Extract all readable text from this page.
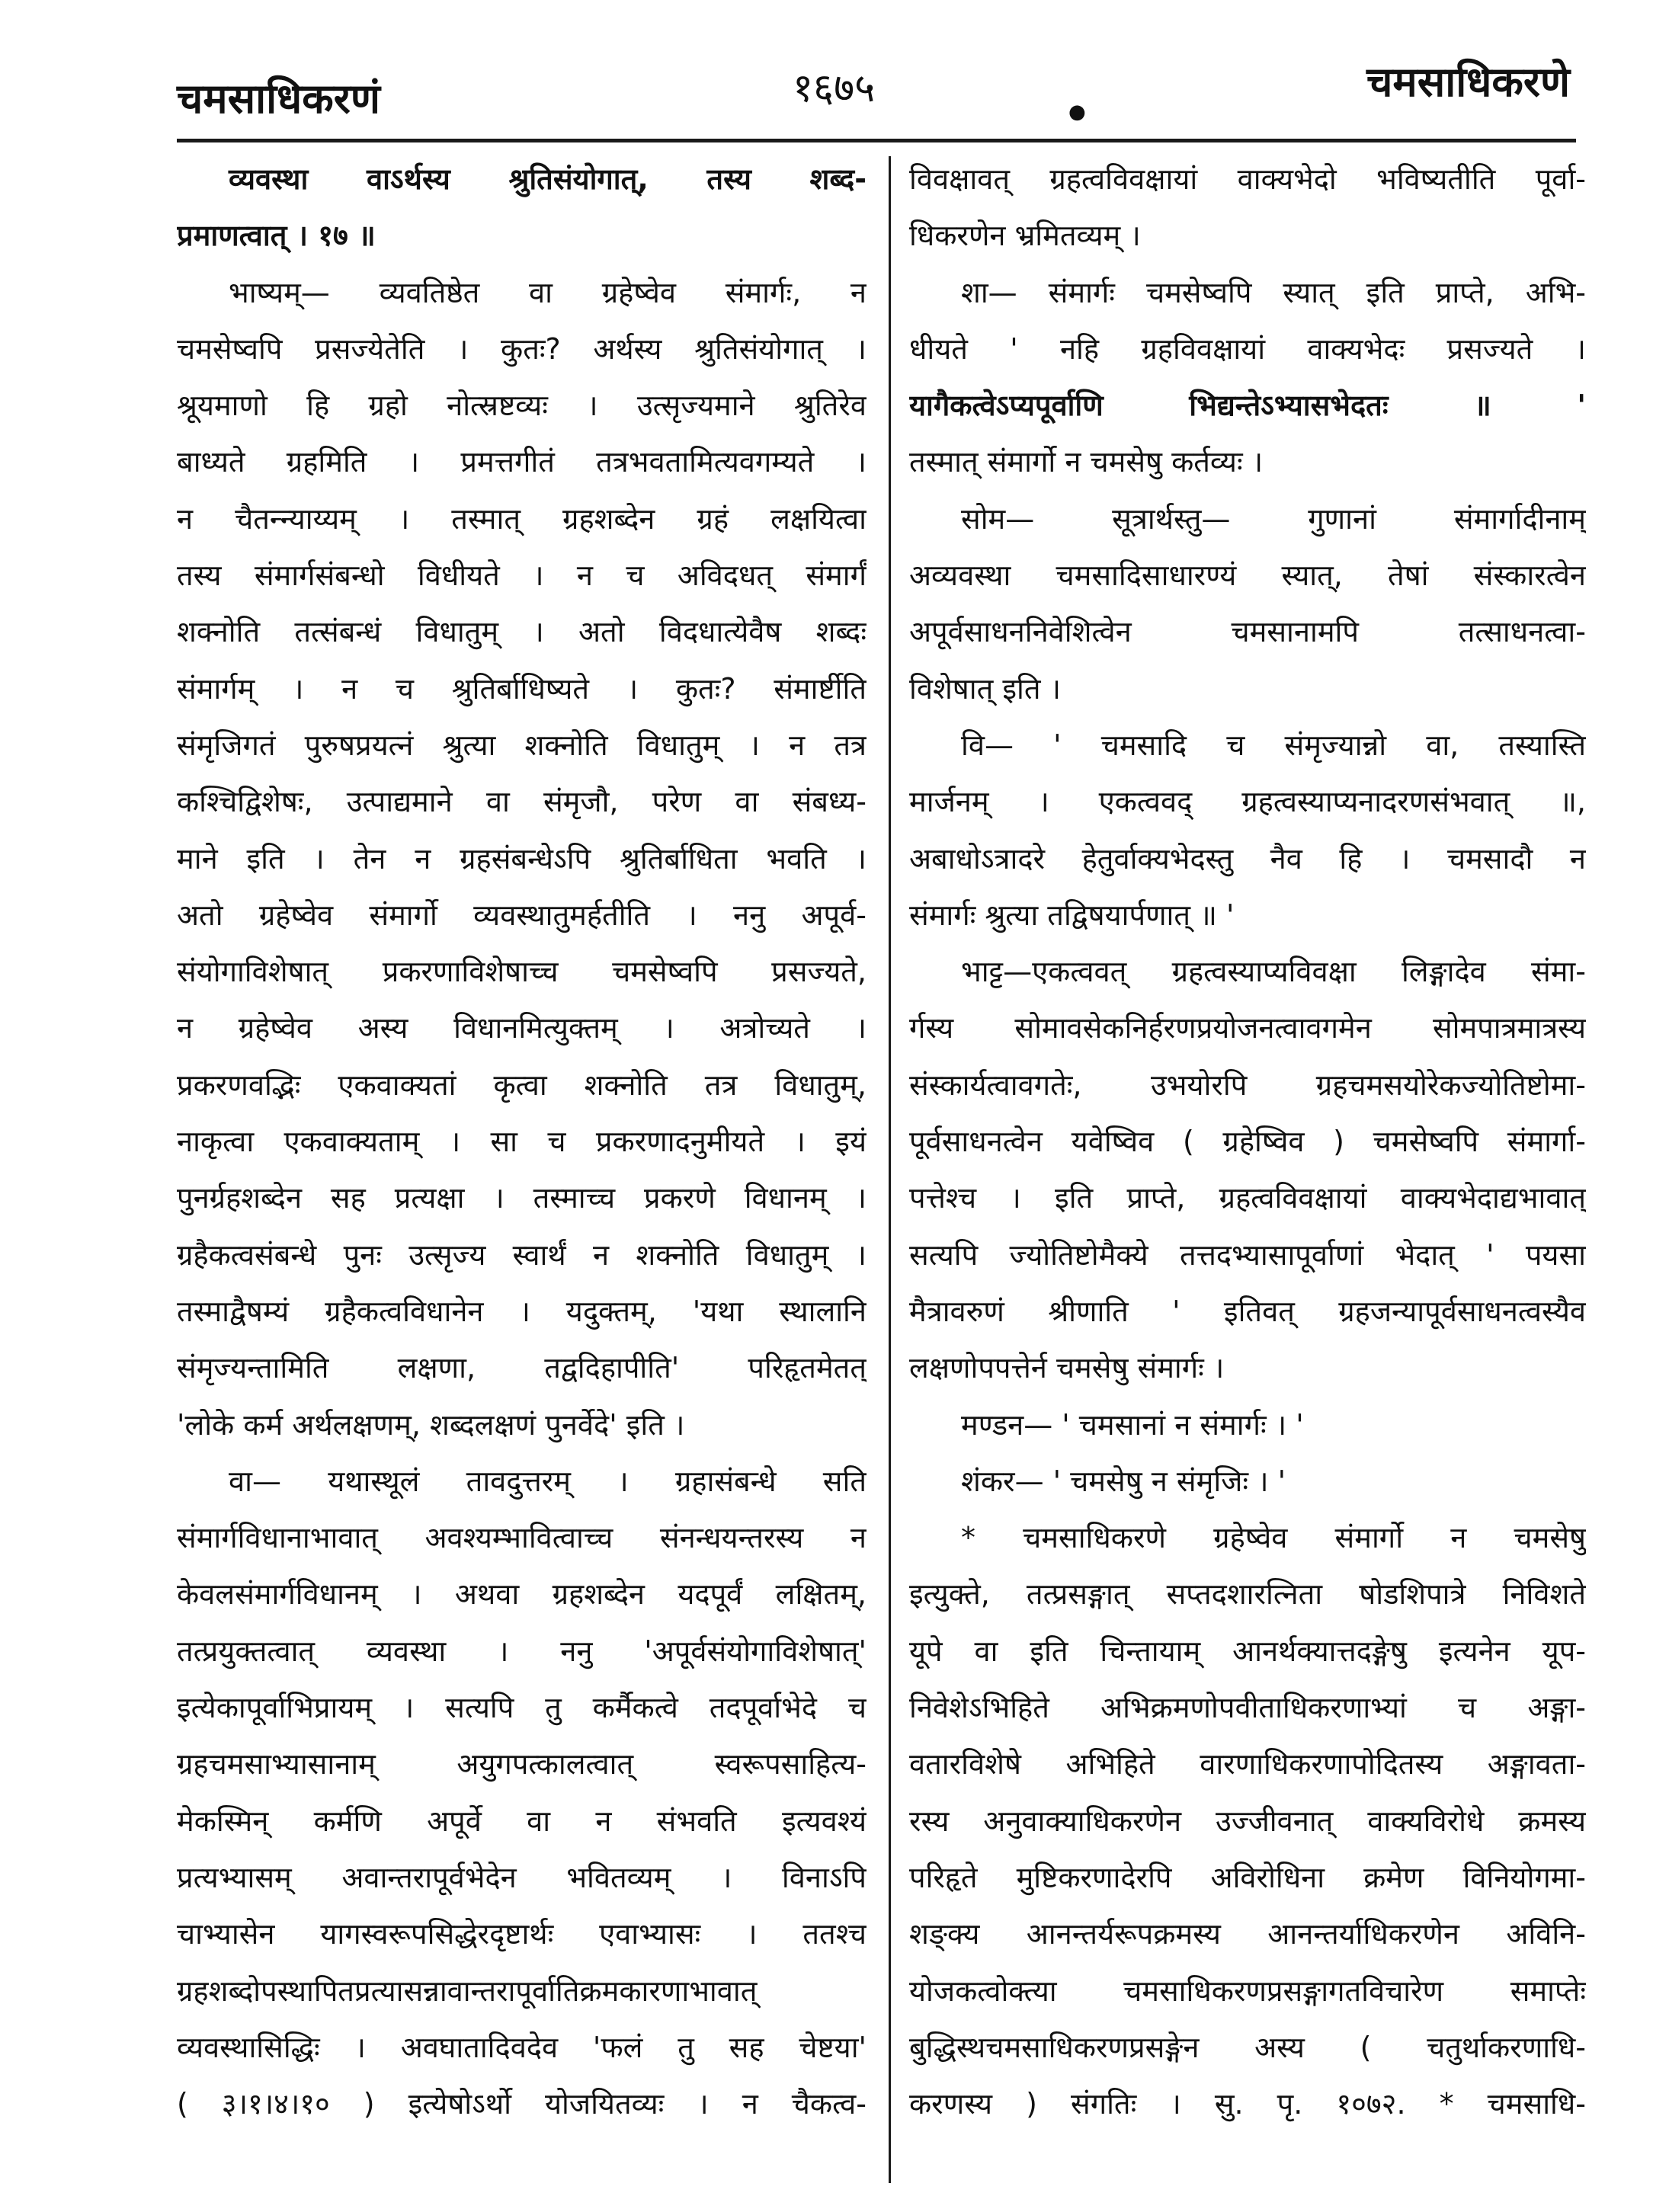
चमसाधिकरणं	१६७५	चमसाधिकरणे
●
व्यवस्था वाऽर्थस्य श्रुतिसंयोगात्, तस्य शब्द-
प्रमाणत्वात् । १७ ॥
भाष्यम्— व्यवतिष्ठेत वा ग्रहेष्वेव संमार्गः, न
चमसेष्वपि प्रसज्येतेति । कुतः? अर्थस्य श्रुतिसंयोगात् ।
श्रूयमाणो हि ग्रहो नोत्स्रष्टव्यः । उत्सृज्यमाने श्रुतिरेव
बाध्यते ग्रहमिति । प्रमत्तगीतं तत्रभवतामित्यवगम्यते ।
न चैतन्न्याय्यम् । तस्मात् ग्रहशब्देन ग्रहं लक्षयित्वा
तस्य संमार्गसंबन्धो विधीयते । न च अविदधत् संमार्गं
शक्नोति तत्संबन्धं विधातुम् । अतो विदधात्येवैष शब्दः
संमार्गम् । न च श्रुतिर्बाधिष्यते । कुतः? संमार्ष्टीति
संमृजिगतं पुरुषप्रयत्नं श्रुत्या शक्नोति विधातुम् । न तत्र
कश्चिद्विशेषः, उत्पाद्यमाने वा संमृजौ, परेण वा संबध्य-
माने इति । तेन न ग्रहसंबन्धेऽपि श्रुतिर्बाधिता भवति ।
अतो ग्रहेष्वेव संमार्गो व्यवस्थातुमर्हतीति । ननु अपूर्व-
संयोगाविशेषात् प्रकरणाविशेषाच्च चमसेष्वपि प्रसज्यते,
न ग्रहेष्वेव अस्य विधानमित्युक्तम् । अत्रोच्यते ।
प्रकरणवद्भिः एकवाक्यतां कृत्वा शक्नोति तत्र विधातुम्,
नाकृत्वा एकवाक्यताम् । सा च प्रकरणादनुमीयते । इयं
पुनर्ग्रहशब्देन सह प्रत्यक्षा । तस्माच्च प्रकरणे विधानम् ।
ग्रहैकत्वसंबन्धे पुनः उत्सृज्य स्वार्थं न शक्नोति विधातुम् ।
तस्माद्वैषम्यं ग्रहैकत्वविधानेन । यदुक्तम्, 'यथा स्थालानि
संमृज्यन्तामिति लक्षणा, तद्वदिहापीति' परिहृतमेतत्
'लोके कर्म अर्थलक्षणम्, शब्दलक्षणं पुनर्वेदे' इति ।
वा— यथास्थूलं तावदुत्तरम् । ग्रहासंबन्धे सति
संमार्गविधानाभावात् अवश्यम्भावित्वाच्च संनन्धयन्तरस्य न
केवलसंमार्गविधानम् । अथवा ग्रहशब्देन यदपूर्वं लक्षितम्,
तत्प्रयुक्तत्वात् व्यवस्था । ननु 'अपूर्वसंयोगाविशेषात्'
इत्येकापूर्वाभिप्रायम् । सत्यपि तु कर्मैकत्वे तदपूर्वाभेदे च
ग्रहचमसाभ्यासानाम् अयुगपत्कालत्वात् स्वरूपसाहित्य-
मेकस्मिन् कर्मणि अपूर्वे वा न संभवति इत्यवश्यं
प्रत्यभ्यासम् अवान्तरापूर्वभेदेन भवितव्यम् । विनाऽपि
चाभ्यासेन यागस्वरूपसिद्धेरदृष्टार्थः एवाभ्यासः । ततश्च
ग्रहशब्दोपस्थापितप्रत्यासन्नावान्तरापूर्वातिक्रमकारणाभावात्
व्यवस्थासिद्धिः । अवघातादिवदेव 'फलं तु सह चेष्टया'
( ३।१।४।१० ) इत्येषोऽर्थो योजयितव्यः । न चैकत्व-
विवक्षावत् ग्रहत्वविवक्षायां वाक्यभेदो भविष्यतीति पूर्वा-
धिकरणेन भ्रमितव्यम् ।
शा— संमार्गः चमसेष्वपि स्यात् इति प्राप्ते, अभि-
धीयते ' नहि ग्रहविवक्षायां वाक्यभेदः प्रसज्यते ।
यागैकत्वेऽप्यपूर्वाणि भिद्यन्तेऽभ्यासभेदतः ॥ '
तस्मात् संमार्गो न चमसेषु कर्तव्यः ।
सोम— सूत्रार्थस्तु— गुणानां संमार्गादीनाम्
अव्यवस्था चमसादिसाधारण्यं स्यात्, तेषां संस्कारत्वेन
अपूर्वसाधननिवेशित्वेन चमसानामपि तत्साधनत्वा-
विशेषात् इति ।
वि— ' चमसादि च संमृज्यान्नो वा, तस्यास्ति
मार्जनम् । एकत्ववद् ग्रहत्वस्याप्यनादरणसंभवात् ॥,
अबाधोऽत्रादरे हेतुर्वाक्यभेदस्तु नैव हि । चमसादौ न
संमार्गः श्रुत्या तद्विषयार्पणात् ॥ '
भाट्ट—एकत्ववत् ग्रहत्वस्याप्यविवक्षा लिङ्गादेव संमा-
र्गस्य सोमावसेकनिर्हरणप्रयोजनत्वावगमेन सोमपात्रमात्रस्य
संस्कार्यत्वावगतेः, उभयोरपि ग्रहचमसयोरेकज्योतिष्टोमा-
पूर्वसाधनत्वेन यवेष्विव ( ग्रहेष्विव ) चमसेष्वपि संमार्गा-
पत्तेश्च । इति प्राप्ते, ग्रहत्वविवक्षायां वाक्यभेदाद्यभावात्
सत्यपि ज्योतिष्टोमैक्ये तत्तदभ्यासापूर्वाणां भेदात् ' पयसा
मैत्रावरुणं श्रीणाति ' इतिवत् ग्रहजन्यापूर्वसाधनत्वस्यैव
लक्षणोपपत्तेर्न चमसेषु संमार्गः ।
मण्डन— ' चमसानां न संमार्गः । '
शंकर— ' चमसेषु न संमृजिः । '
* चमसाधिकरणे ग्रहेष्वेव संमार्गो न चमसेषु
इत्युक्ते, तत्प्रसङ्गात् सप्तदशारत्निता षोडशिपात्रे निविशते
यूपे वा इति चिन्तायाम् आनर्थक्यात्तदङ्गेषु इत्यनेन यूप-
निवेशेऽभिहिते अभिक्रमणोपवीताधिकरणाभ्यां च अङ्गा-
वतारविशेषे अभिहिते वारणाधिकरणापोदितस्य अङ्गावता-
रस्य अनुवाक्याधिकरणेन उज्जीवनात् वाक्यविरोधे क्रमस्य
परिहृते मुष्टिकरणादेरपि अविरोधिना क्रमेण विनियोगमा-
शङ्क्य आनन्तर्यरूपक्रमस्य आनन्तर्याधिकरणेन अविनि-
योजकत्वोक्त्या चमसाधिकरणप्रसङ्गागतविचारेण समाप्तेः
बुद्धिस्थचमसाधिकरणप्रसङ्गेन अस्य ( चतुर्थाकरणाधि-
करणस्य ) संगतिः । सु. पृ. १०७२. * चमसाधि-
